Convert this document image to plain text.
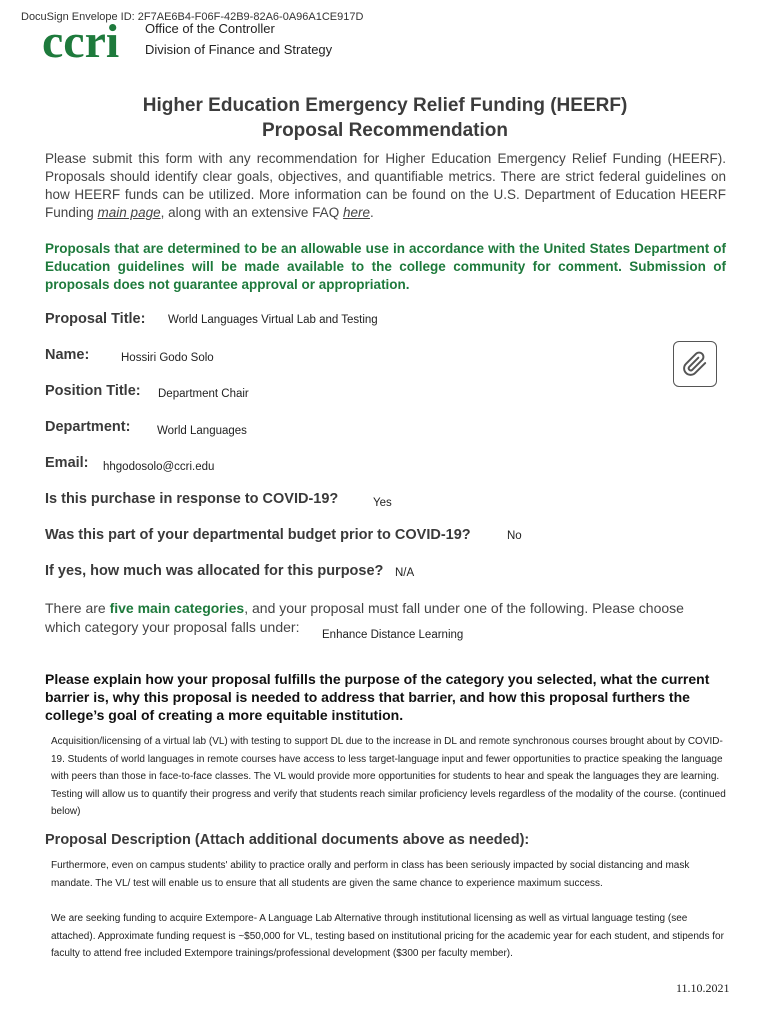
DocuSign Envelope ID: 2F7AE6B4-F06F-42B9-82A6-0A96A1CE917D
ccri Office of the Controller
Division of Finance and Strategy
Higher Education Emergency Relief Funding (HEERF)
Proposal Recommendation
Please submit this form with any recommendation for Higher Education Emergency Relief Funding (HEERF). Proposals should identify clear goals, objectives, and quantifiable metrics. There are strict federal guidelines on how HEERF funds can be utilized. More information can be found on the U.S. Department of Education HEERF Funding main page, along with an extensive FAQ here.
Proposals that are determined to be an allowable use in accordance with the United States Department of Education guidelines will be made available to the college community for comment. Submission of proposals does not guarantee approval or appropriation.
Proposal Title: World Languages Virtual Lab and Testing
Name:	Hossiri Godo Solo
Position Title: Department Chair
Department: World Languages
Email: hhgodosolo@ccri.edu
Is this purchase in response to COVID-19?	Yes
Was this part of your departmental budget prior to COVID-19?	No
If yes, how much was allocated for this purpose? N/A
There are five main categories, and your proposal must fall under one of the following. Please choose which category your proposal falls under:	Enhance Distance Learning
Please explain how your proposal fulfills the purpose of the category you selected, what the current barrier is, why this proposal is needed to address that barrier, and how this proposal furthers the college’s goal of creating a more equitable institution.
Acquisition/licensing of a virtual lab (VL) with testing to support DL due to the increase in DL and remote synchronous courses brought about by COVID-19. Students of world languages in remote courses have access to less target-language input and fewer opportunities to practice speaking the language with peers than those in face-to-face classes. The VL would provide more opportunities for students to hear and speak the languages they are learning. Testing will allow us to quantify their progress and verify that students reach similar proficiency levels regardless of the modality of the course. (continued below)
Proposal Description (Attach additional documents above as needed):
Furthermore, even on campus students' ability to practice orally and perform in class has been seriously impacted by social distancing and mask mandate. The VL/ test will enable us to ensure that all students are given the same chance to experience maximum success.
We are seeking funding to acquire Extempore- A Language Lab Alternative through institutional licensing as well as virtual language testing (see attached). Approximate funding request is ~$50,000 for VL, testing based on institutional pricing for the academic year for each student, and stipends for faculty to attend free included Extempore trainings/professional development ($300 per faculty member).
11.10.2021
